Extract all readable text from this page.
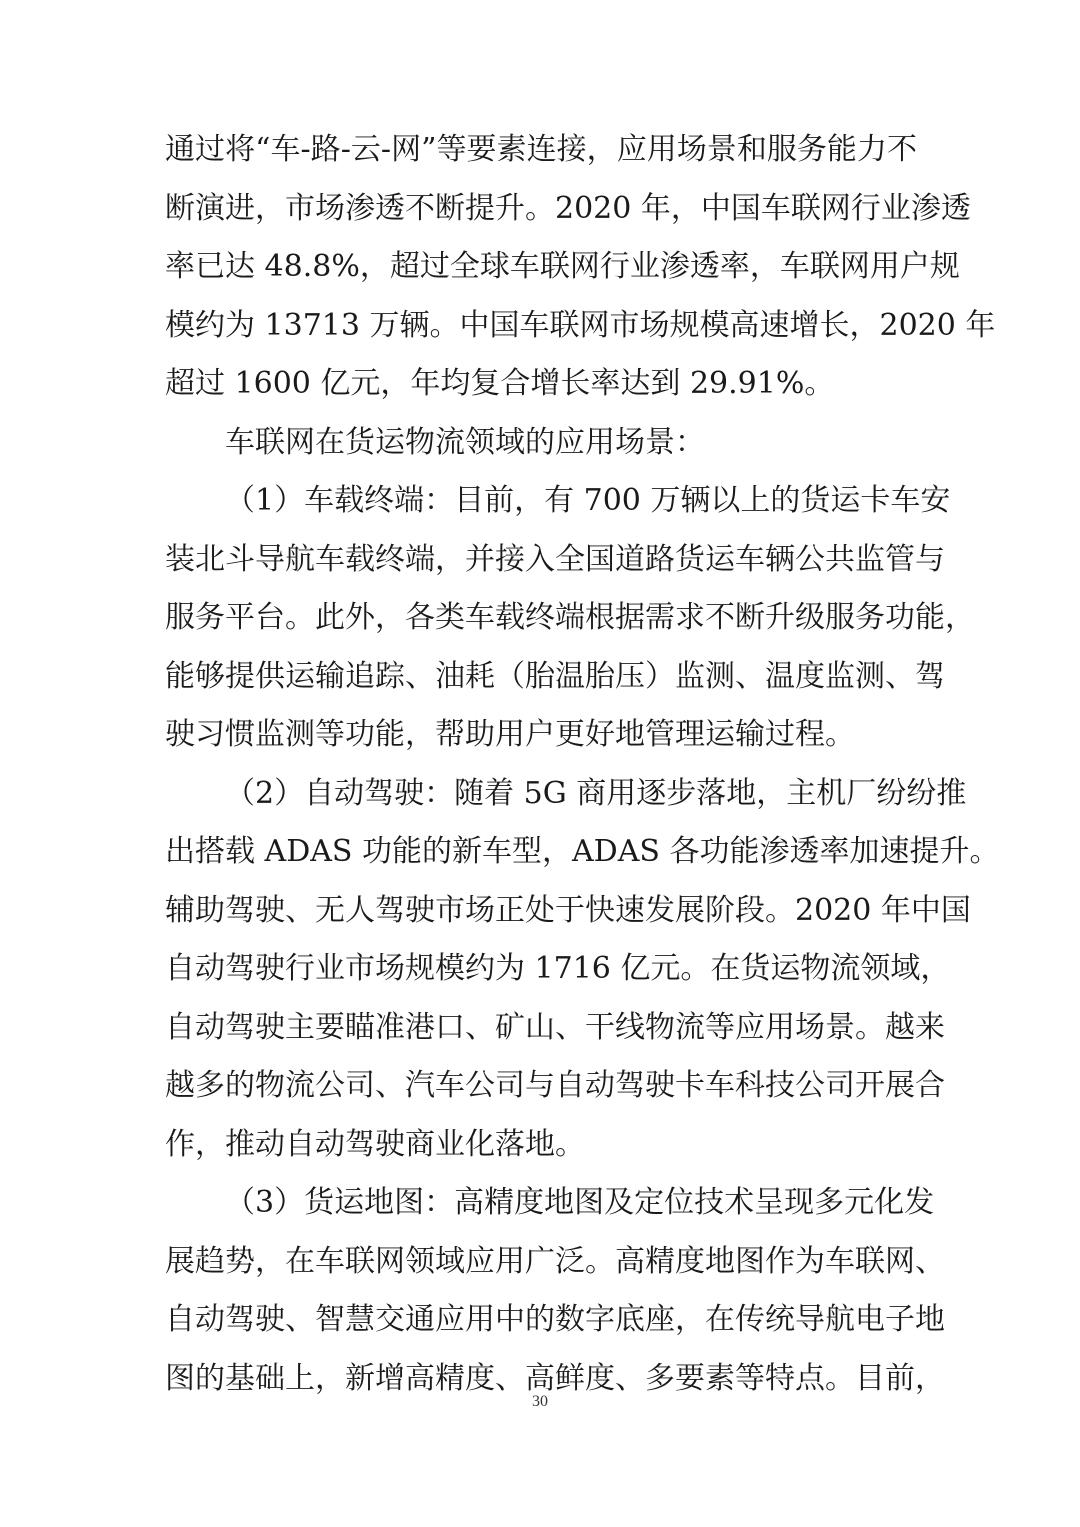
通过将“车-路-云-网”等要素连接，应用场景和服务能力不
断演进，市场渗透不断提升。2020 年，中国车联网行业渗透
率已达 48.8%，超过全球车联网行业渗透率，车联网用户规
模约为 13713 万辆。中国车联网市场规模高速增长，2020 年
超过 1600 亿元，年均复合增长率达到 29.91%。
车联网在货运物流领域的应用场景：
（1）车载终端：目前，有 700 万辆以上的货运卡车安
装北斗导航车载终端，并接入全国道路货运车辆公共监管与
服务平台。此外，各类车载终端根据需求不断升级服务功能，
能够提供运输追踪、油耗（胎温胎压）监测、温度监测、驾
驶习惯监测等功能，帮助用户更好地管理运输过程。
（2）自动驾驶：随着 5G 商用逐步落地，主机厂纷纷推
出搭载 ADAS 功能的新车型，ADAS 各功能渗透率加速提升。
辅助驾驶、无人驾驶市场正处于快速发展阶段。2020 年中国
自动驾驶行业市场规模约为 1716 亿元。在货运物流领域，
自动驾驶主要瞄准港口、矿山、干线物流等应用场景。越来
越多的物流公司、汽车公司与自动驾驶卡车科技公司开展合
作，推动自动驾驶商业化落地。
（3）货运地图：高精度地图及定位技术呈现多元化发
展趋势，在车联网领域应用广泛。高精度地图作为车联网、
自动驾驶、智慧交通应用中的数字底座，在传统导航电子地
图的基础上，新增高精度、高鲜度、多要素等特点。目前，
30
